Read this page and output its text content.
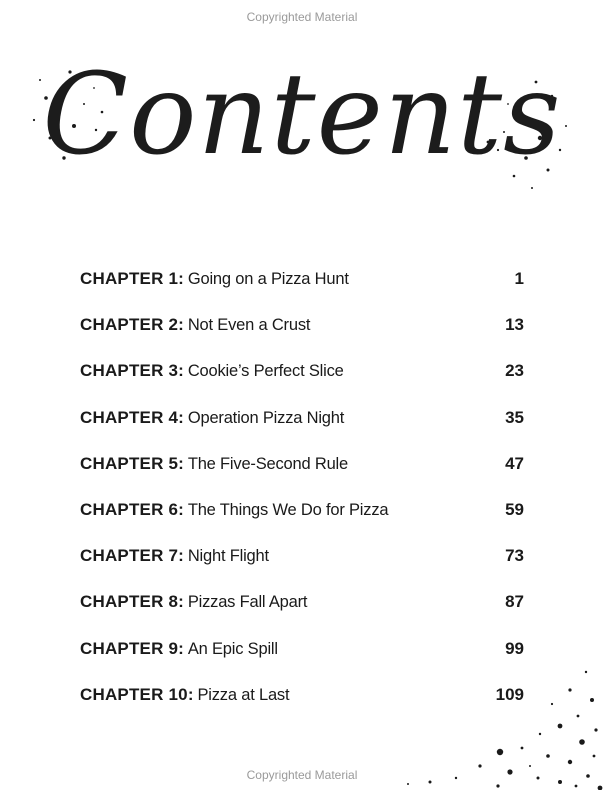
Copyrighted Material
Contents
CHAPTER 1 : Going on a Pizza Hunt	1
CHAPTER 2 : Not Even a Crust	13
CHAPTER 3 : Cookie’s Perfect Slice	23
CHAPTER 4 : Operation Pizza Night	35
CHAPTER 5 : The Five-Second Rule	47
CHAPTER 6 : The Things We Do for Pizza	59
CHAPTER 7 : Night Flight	73
CHAPTER 8 : Pizzas Fall Apart	87
CHAPTER 9 : An Epic Spill	99
CHAPTER 10 : Pizza at Last	109
Copyrighted Material
